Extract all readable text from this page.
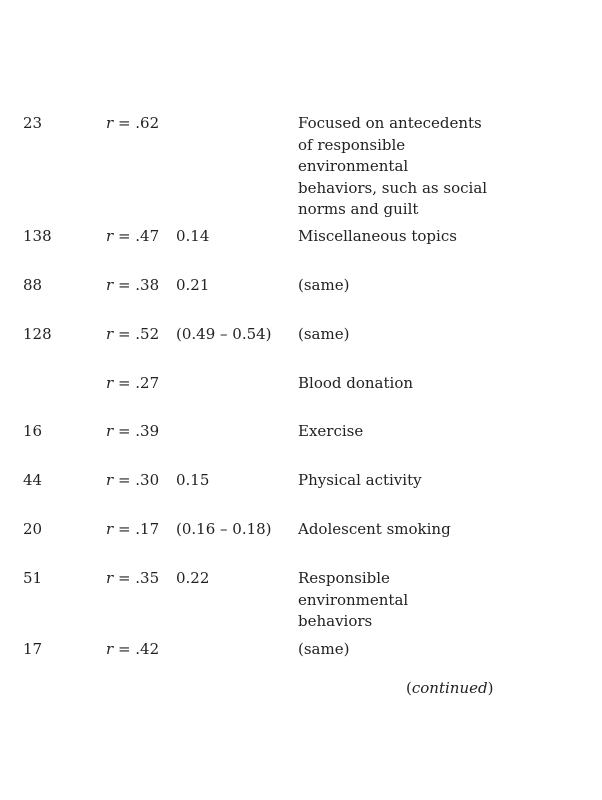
23	r = .62	Focused on antecedents of responsible environmental behaviors, such as social norms and guilt
138	r = .47 0.14	Miscellaneous topics
88	r = .38 0.21	(same)
128	r = .52 (0.49 – 0.54) (same)
r = .27	Blood donation
16	r = .39	Exercise
44	r = .30 0.15	Physical activity
20	r = .17 (0.16 – 0.18) Adolescent smoking
51	r = .35 0.22	Responsible environmental behaviors
17	r = .42	(same)
(continued)
